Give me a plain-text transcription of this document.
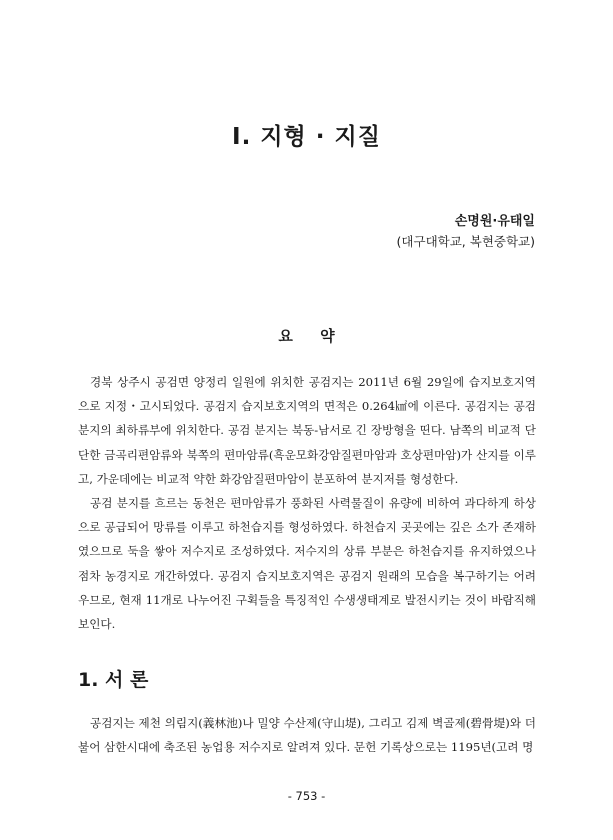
Ⅰ. 지형 · 지질
손명원·유태일
(대구대학교, 복현중학교)
요 약

경북 상주시 공검면 양정리 일원에 위치한 공검지는 2011년 6월 29일에 습지보호지역으로 지정・고시되었다. 공검지 습지보호지역의 면적은 0.264㎢에 이른다. 공검지는 공검 분지의 최하류부에 위치한다. 공검 분지는 북동-남서로 긴 장방형을 띤다. 남쪽의 비교적 단단한 금곡리편암류와 북쪽의 편마암류(흑운모화강암질편마암과 호상편마암)가 산지를 이루고, 가운데에는 비교적 약한 화강암질편마암이 분포하여 분지저를 형성한다.

공검 분지를 흐르는 동천은 편마암류가 풍화된 사력물질이 유량에 비하여 과다하게 하상으로 공급되어 망류를 이루고 하천습지를 형성하였다. 하천습지 곳곳에는 깊은 소가 존재하였으므로 둑을 쌓아 저수지로 조성하였다. 저수지의 상류 부분은 하천습지를 유지하였으나 점차 농경지로 개간하였다. 공검지 습지보호지역은 공검지 원래의 모습을 복구하기는 어려우므로, 현재 11개로 나누어진 구획들을 특징적인 수생생태계로 발전시키는 것이 바람직해 보인다.

1. 서 론

공검지는 제천 의림지(義林池)나 밀양 수산제(守山堤), 그리고 김제 벽골제(碧骨堤)와 더불어 삼한시대에 축조된 농업용 저수지로 알려져 있다. 문헌 기록상으로는 1195년(고려 명

- 753 -
